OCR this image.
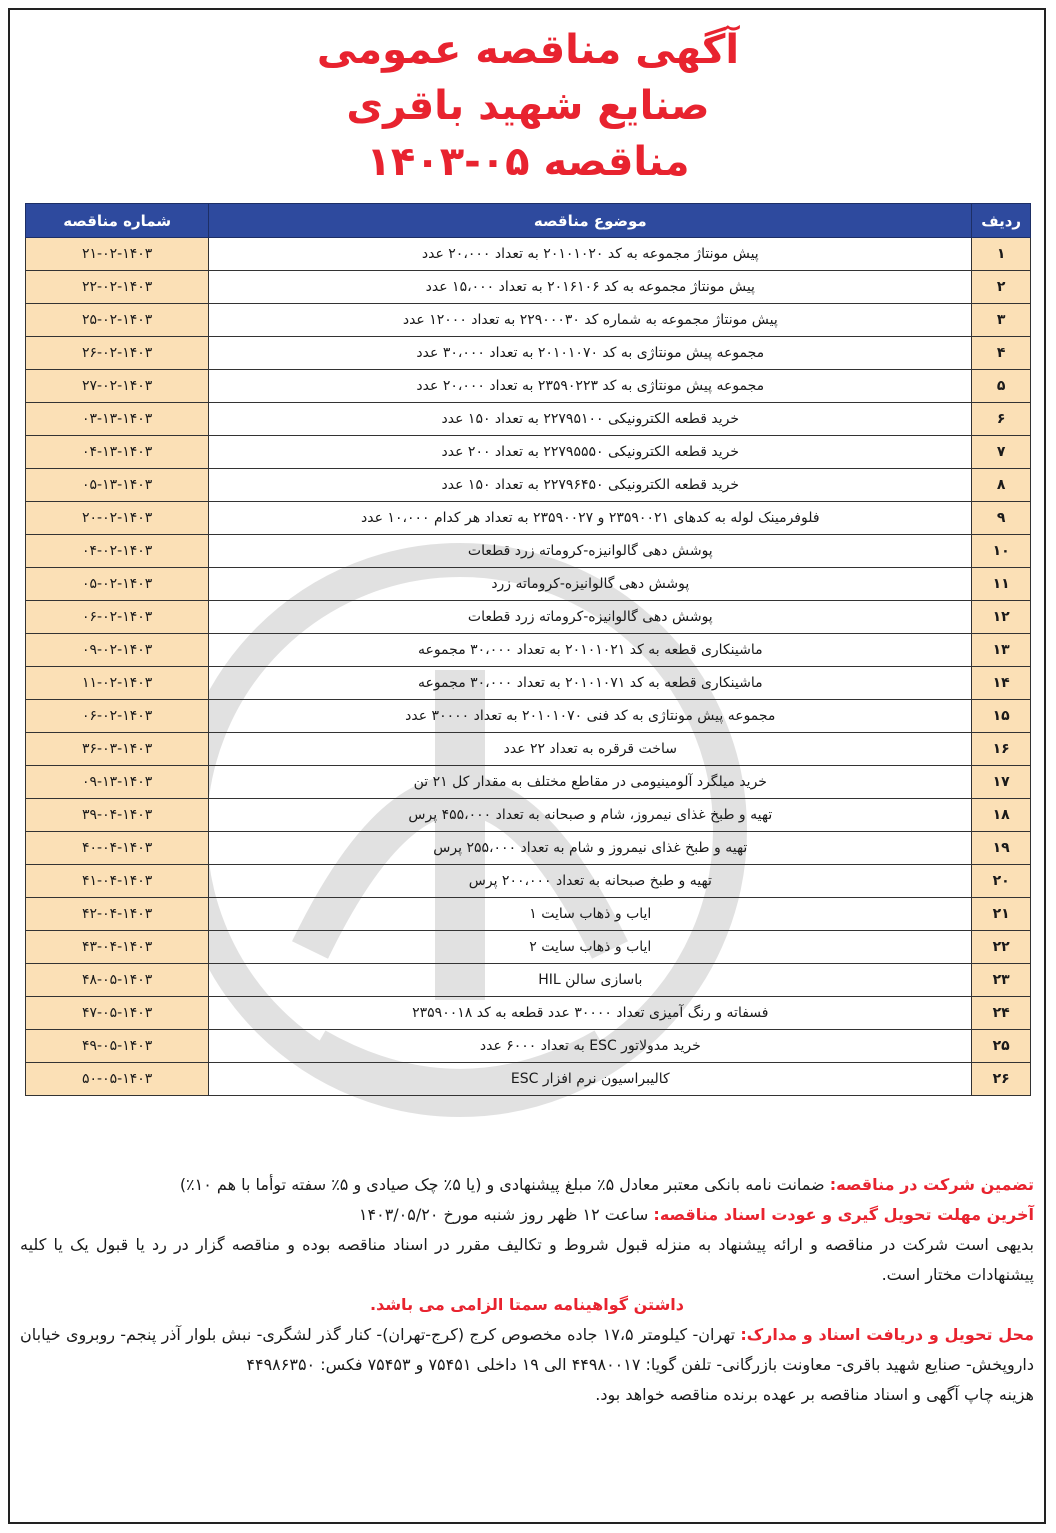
آگهی مناقصه عمومی
صنایع شهید باقری
مناقصه ۰۵-۱۴۰۳
ردیف	موضوع مناقصه	شماره مناقصه
۱	پیش مونتاژ مجموعه به کد ۲۰۱۰۱۰۲۰ به تعداد ۲۰،۰۰۰ عدد	۲۱-۰۲-۱۴۰۳
۲	پیش مونتاژ مجموعه به کد ۲۰۱۶۱۰۶ به تعداد ۱۵،۰۰۰ عدد	۲۲-۰۲-۱۴۰۳
۳	پیش مونتاژ مجموعه به شماره کد ۲۲۹۰۰۰۳۰ به تعداد ۱۲۰۰۰ عدد	۲۵-۰۲-۱۴۰۳
۴	مجموعه پیش مونتاژی به کد ۲۰۱۰۱۰۷۰ به تعداد ۳۰،۰۰۰ عدد	۲۶-۰۲-۱۴۰۳
۵	مجموعه پیش مونتاژی به کد ۲۳۵۹۰۲۲۳ به تعداد ۲۰،۰۰۰ عدد	۲۷-۰۲-۱۴۰۳
۶	خرید قطعه الکترونیکی ۲۲۷۹۵۱۰۰ به تعداد ۱۵۰ عدد	۰۳-۱۳-۱۴۰۳
۷	خرید قطعه الکترونیکی ۲۲۷۹۵۵۵۰ به تعداد ۲۰۰ عدد	۰۴-۱۳-۱۴۰۳
۸	خرید قطعه الکترونیکی ۲۲۷۹۶۴۵۰ به تعداد ۱۵۰ عدد	۰۵-۱۳-۱۴۰۳
۹	فلوفرمینک لوله به کدهای ۲۳۵۹۰۰۲۱ و ۲۳۵۹۰۰۲۷ به تعداد هر کدام ۱۰،۰۰۰ عدد	۲۰-۰۲-۱۴۰۳
۱۰	پوشش دهی گالوانیزه-کروماته زرد قطعات	۰۴-۰۲-۱۴۰۳
۱۱	پوشش دهی گالوانیزه-کروماته زرد	۰۵-۰۲-۱۴۰۳
۱۲	پوشش دهی گالوانیزه-کروماته زرد قطعات	۰۶-۰۲-۱۴۰۳
۱۳	ماشینکاری قطعه به کد ۲۰۱۰۱۰۲۱ به تعداد ۳۰،۰۰۰ مجموعه	۰۹-۰۲-۱۴۰۳
۱۴	ماشینکاری قطعه به کد ۲۰۱۰۱۰۷۱ به تعداد ۳۰،۰۰۰ مجموعه	۱۱-۰۲-۱۴۰۳
۱۵	مجموعه پیش مونتاژی به کد فنی ۲۰۱۰۱۰۷۰ به تعداد ۳۰۰۰۰ عدد	۰۶-۰۲-۱۴۰۳
۱۶	ساخت قرقره به تعداد ۲۲ عدد	۳۶-۰۳-۱۴۰۳
۱۷	خرید میلگرد آلومینیومی در مقاطع مختلف به مقدار کل ۲۱ تن	۰۹-۱۳-۱۴۰۳
۱۸	تهیه و طبخ غذای نیمروز، شام و صبحانه به تعداد ۴۵۵،۰۰۰ پرس	۳۹-۰۴-۱۴۰۳
۱۹	تهیه و طبخ غذای نیمروز و شام به تعداد ۲۵۵،۰۰۰ پرس	۴۰-۰۴-۱۴۰۳
۲۰	تهیه و طبخ صبحانه به تعداد ۲۰۰،۰۰۰ پرس	۴۱-۰۴-۱۴۰۳
۲۱	ایاب و ذهاب سایت ۱	۴۲-۰۴-۱۴۰۳
۲۲	ایاب و ذهاب سایت ۲	۴۳-۰۴-۱۴۰۳
۲۳	باسازی سالن HIL	۴۸-۰۵-۱۴۰۳
۲۴	فسفاته و رنگ آمیزی تعداد ۳۰۰۰۰ عدد قطعه به کد ۲۳۵۹۰۰۱۸	۴۷-۰۵-۱۴۰۳
۲۵	خرید مدولاتور ESC به تعداد ۶۰۰۰ عدد	۴۹-۰۵-۱۴۰۳
۲۶	کالیبراسیون نرم افزار ESC	۵۰-۰۵-۱۴۰۳

تضمین شرکت در مناقصه: ضمانت نامه بانکی معتبر معادل ۵٪ مبلغ پیشنهادی و (یا ۵٪ چک صیادی و ۵٪ سفته توأما با هم ۱۰٪)

آخرین مهلت تحویل گیری و عودت اسناد مناقصه: ساعت ۱۲ ظهر روز شنبه مورخ ۱۴۰۳/۰۵/۲۰

بدیهی است شرکت در مناقصه و ارائه پیشنهاد به منزله قبول شروط و تکالیف مقرر در اسناد مناقصه بوده و مناقصه گزار در رد یا قبول یک یا کلیه پیشنهادات مختار است.

داشتن گواهینامه سمتا الزامی می باشد.

محل تحویل و دریافت اسناد و مدارک: تهران- کیلومتر ۱۷،۵ جاده مخصوص کرج (کرج-تهران)- کنار گذر لشگری- نبش بلوار آذر پنجم- روبروی خیابان داروپخش- صنایع شهید باقری- معاونت بازرگانی- تلفن گویا: ۴۴۹۸۰۰۱۷ الی ۱۹ داخلی ۷۵۴۵۱ و ۷۵۴۵۳ فکس: ۴۴۹۸۶۳۵۰

هزینه چاپ آگهی و اسناد مناقصه بر عهده برنده مناقصه خواهد بود.
